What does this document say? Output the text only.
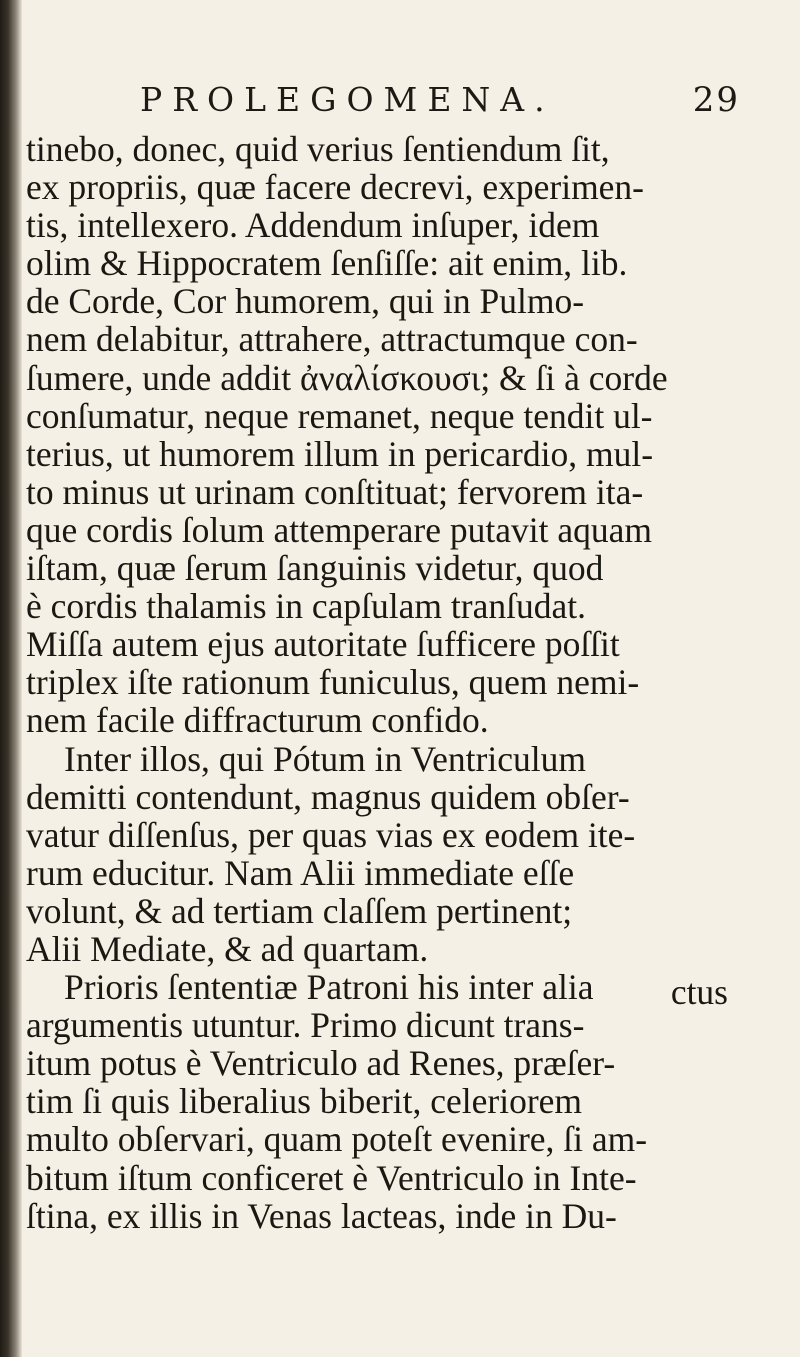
PROLEGOMENA.	29
tinebo, donec, quid verius ſentiendum ſit,
ex propriis, quæ facere decrevi, experimen-
tis, intellexero. Addendum inſuper, idem
olim & Hippocratem ſenſiſſe: ait enim, lib.
de Corde, Cor humorem, qui in Pulmo-
nem delabitur, attrahere, attractumque con-
ſumere, unde addit ἀναλίσκουσι; & ſi à corde
conſumatur, neque remanet, neque tendit ul-
terius, ut humorem illum in pericardio, mul-
to minus ut urinam conſtituat; fervorem ita-
que cordis ſolum attemperare putavit aquam
iſtam, quæ ſerum ſanguinis videtur, quod
è cordis thalamis in capſulam tranſudat.
Miſſa autem ejus autoritate ſufficere poſſit
triplex iſte rationum funiculus, quem nemi-
nem facile diffracturum confido.
Inter illos, qui Pótum in Ventriculum
demitti contendunt, magnus quidem obſer-
vatur diſſenſus, per quas vias ex eodem ite-
rum educitur. Nam Alii immediate eſſe
volunt, & ad tertiam claſſem pertinent;
Alii Mediate, & ad quartam.
Prioris ſententiæ Patroni his inter alia
argumentis utuntur. Primo dicunt trans-
itum potus è Ventriculo ad Renes, præſer-
tim ſi quis liberalius biberit, celeriorem
multo obſervari, quam poteſt evenire, ſi am-
bitum iſtum conficeret è Ventriculo in Inte-
ſtina, ex illis in Venas lacteas, inde in Du-
ctus
